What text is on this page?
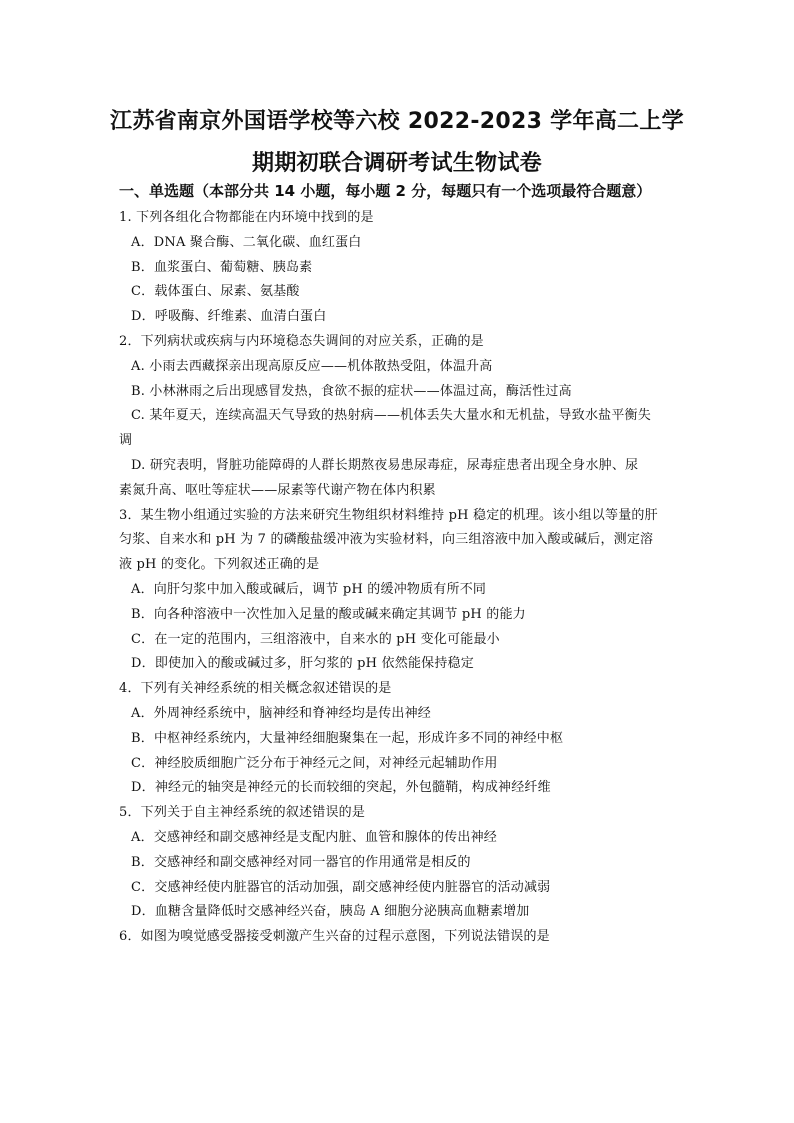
江苏省南京外国语学校等六校 2022-2023 学年高二上学
期期初联合调研考试生物试卷
一、单选题（本部分共 14 小题，每小题 2 分，每题只有一个选项最符合题意）
1. 下列各组化合物都能在内环境中找到的是
A．DNA 聚合酶、二氧化碳、血红蛋白
B．血浆蛋白、葡萄糖、胰岛素
C．载体蛋白、尿素、氨基酸
D．呼吸酶、纤维素、血清白蛋白
2．下列病状或疾病与内环境稳态失调间的对应关系，正确的是
A. 小雨去西藏探亲出现高原反应——机体散热受阻，体温升高
B. 小林淋雨之后出现感冒发热，食欲不振的症状——体温过高，酶活性过高
C. 某年夏天，连续高温天气导致的热射病——机体丢失大量水和无机盐，导致水盐平衡失
调
D. 研究表明，肾脏功能障碍的人群长期熬夜易患尿毒症，尿毒症患者出现全身水肿、尿
素氮升高、呕吐等症状——尿素等代谢产物在体内积累
3．某生物小组通过实验的方法来研究生物组织材料维持 pH 稳定的机理。该小组以等量的肝
匀浆、自来水和 pH 为 7 的磷酸盐缓冲液为实验材料，向三组溶液中加入酸或碱后，测定溶
液 pH 的变化。下列叙述正确的是
A．向肝匀浆中加入酸或碱后，调节 pH 的缓冲物质有所不同
B．向各种溶液中一次性加入足量的酸或碱来确定其调节 pH 的能力
C．在一定的范围内，三组溶液中，自来水的 pH 变化可能最小
D．即使加入的酸或碱过多，肝匀浆的 pH 依然能保持稳定
4．下列有关神经系统的相关概念叙述错误的是
A．外周神经系统中，脑神经和脊神经均是传出神经
B．中枢神经系统内，大量神经细胞聚集在一起，形成许多不同的神经中枢
C．神经胶质细胞广泛分布于神经元之间，对神经元起辅助作用
D．神经元的轴突是神经元的长而较细的突起，外包髓鞘，构成神经纤维
5．下列关于自主神经系统的叙述错误的是
A．交感神经和副交感神经是支配内脏、血管和腺体的传出神经
B．交感神经和副交感神经对同一器官的作用通常是相反的
C．交感神经使内脏器官的活动加强，副交感神经使内脏器官的活动减弱
D．血糖含量降低时交感神经兴奋，胰岛 A 细胞分泌胰高血糖素增加
6．如图为嗅觉感受器接受刺激产生兴奋的过程示意图，下列说法错误的是
